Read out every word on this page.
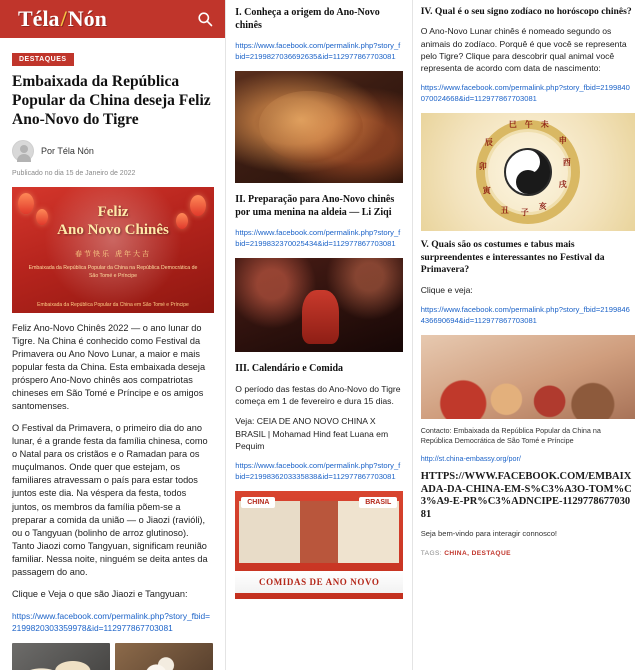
Téla/Nón
DESTAQUES
Embaixada da República Popular da China deseja Feliz Ano-Novo do Tigre
Por Téla Nón
Publicado no dia 15 de Janeiro de 2022
Feliz
Ano Novo Chinês
春节快乐 虎年大吉
Embaixada da República Popular da China na República Democrática de São Tomé e Príncipe
Embaixada da República Popular da China em São Tomé e Príncipe

Feliz Ano-Novo Chinês 2022 — o ano lunar do Tigre. Na China é conhecido como Festival da Primavera ou Ano Novo Lunar, a maior e mais popular festa da China. Esta embaixada deseja próspero Ano-Novo chinês aos compatriotas chineses em São Tomé e Príncipe e os amigos santomenses.

O Festival da Primavera, o primeiro dia do ano lunar, é a grande festa da família chinesa, como o Natal para os cristãos e o Ramadan para os muçulmanos. Onde quer que estejam, os familiares atravessam o país para estar todos juntos este dia. Na véspera da festa, todos juntos, os membros da família põem-se a preparar a comida da união — o Jiaozi (ravióli), ou o Tangyuan (bolinho de arroz glutinoso). Tanto Jiaozi como Tangyuan, significam reunião familiar. Nessa noite, ninguém se deita antes da passagem do ano.

Clique e Veja o que são Jiaozi e Tangyuan:

https://www.facebook.com/permalink.php?story_fbid=2199820303359978&id=112977867703081
I. Conheça a origem do Ano-Novo chinês
https://www.facebook.com/permalink.php?story_fbid=2199827036692635&id=112977867703081
II. Preparação para Ano-Novo chinês por uma menina na aldeia — Li Ziqi
https://www.facebook.com/permalink.php?story_fbid=2199832370025434&id=112977867703081
III. Calendário e Comida

O período das festas do Ano-Novo do Tigre começa em 1 de fevereiro e dura 15 dias.

Veja: CEIA DE ANO NOVO CHINA X BRASIL | Mohamad Hind feat Luana em Pequim

https://www.facebook.com/permalink.php?story_fbid=2199836203335838&id=112977867703081
CHINA	BRASIL
COMIDAS DE ANO NOVO
IV. Qual é o seu signo zodíaco no horóscopo chinês?

O Ano-Novo Lunar chinês é nomeado segundo os animais do zodíaco. Porquê é que você se representa pelo Tigre? Clique para descobrir qual animal você representa de acordo com data de nascimento:

https://www.facebook.com/permalink.php?story_fbid=2199840070024668&id=112977867703081
巳 午 未
申
酉
戌
亥
子
丑
寅
卯
辰
V. Quais são os costumes e tabus mais surpreendentes e interessantes no Festival da Primavera?

Clique e veja:

https://www.facebook.com/permalink.php?story_fbid=2199846436690694&id=112977867703081
Contacto: Embaixada da República Popular da China na República Democrática de São Tomé e Príncipe
http://st.china-embassy.org/por/
HTTPS://WWW.FACEBOOK.COM/EMBAIXADA-DA-CHINA-EM-S%C3%A3O-TOM%C3%A9-E-PR%C3%ADNCIPE-112977867703081
Seja bem-vindo para interagir connosco!
TAGS: CHINA, DESTAQUE
